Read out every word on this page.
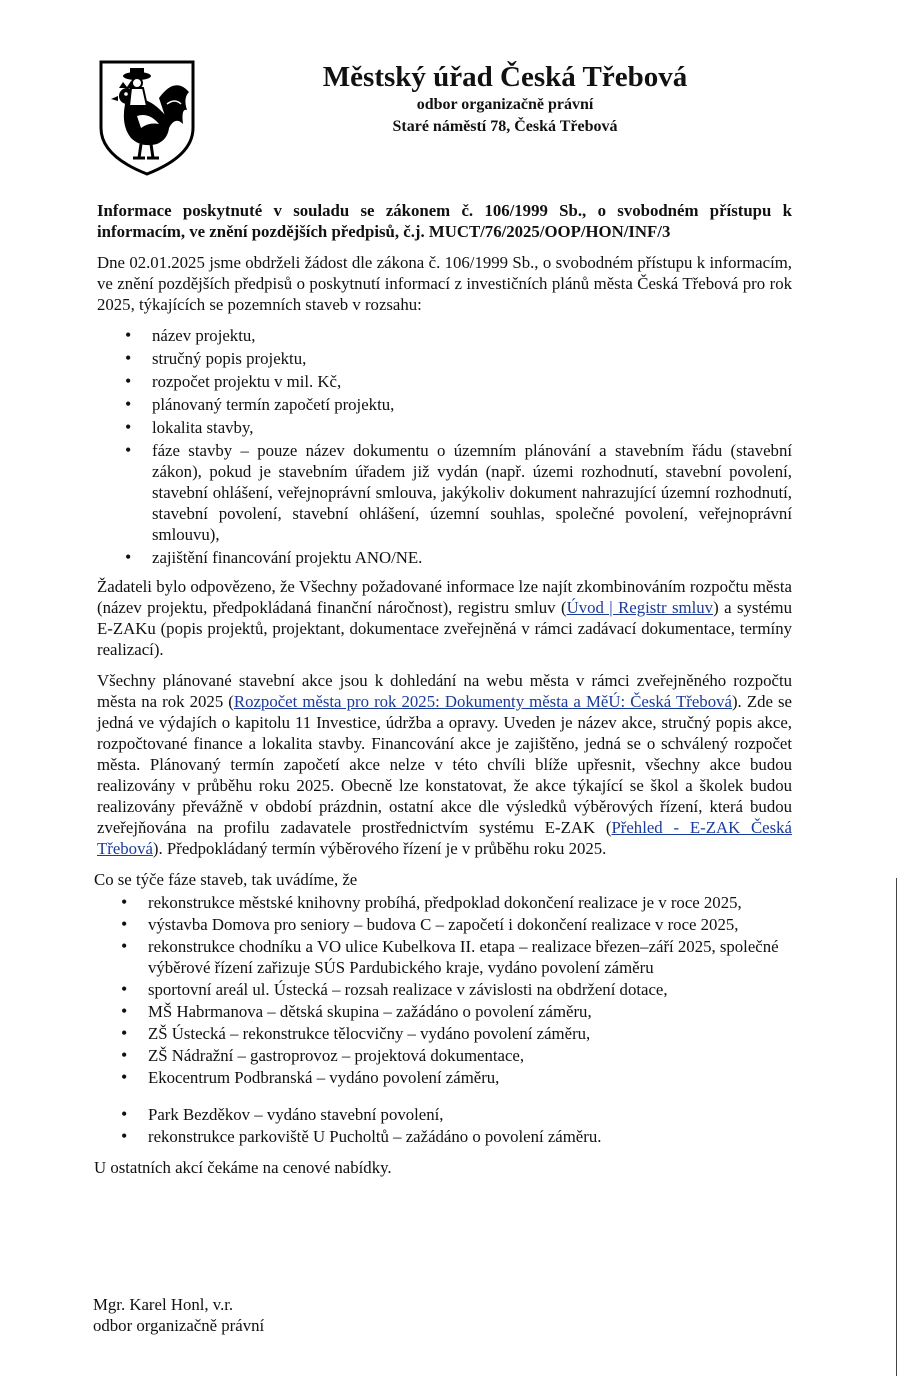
Městský úřad Česká Třebová
odbor organizačně právní
Staré náměstí 78, Česká Třebová

Informace poskytnuté v souladu se zákonem č. 106/1999 Sb., o svobodném přístupu k informacím, ve znění pozdějších předpisů, č.j. MUCT/76/2025/OOP/HON/INF/3

Dne 02.01.2025 jsme obdrželi žádost dle zákona č. 106/1999 Sb., o svobodném přístupu k informacím, ve znění pozdějších předpisů o poskytnutí informací z investičních plánů města Česká Třebová pro rok 2025, týkajících se pozemních staveb v rozsahu:

• název projektu,
• stručný popis projektu,
• rozpočet projektu v mil. Kč,
• plánovaný termín započetí projektu,
• lokalita stavby,
• fáze stavby – pouze název dokumentu o územním plánování a stavebním řádu (stavební zákon), pokud je stavebním úřadem již vydán (např. územi rozhodnutí, stavební povolení, stavební ohlášení, veřejnoprávní smlouva, jakýkoliv dokument nahrazující územní rozhodnutí, stavební povolení, stavební ohlášení, územní souhlas, společné povolení, veřejnoprávní smlouvu),
• zajištění financování projektu ANO/NE.

Žadateli bylo odpovězeno, že Všechny požadované informace lze najít zkombinováním rozpočtu města (název projektu, předpokládaná finanční náročnost), registru smluv (Úvod | Registr smluv) a systému E-ZAKu (popis projektů, projektant, dokumentace zveřejněná v rámci zadávací dokumentace, termíny realizací).

Všechny plánované stavební akce jsou k dohledání na webu města v rámci zveřejněného rozpočtu města na rok 2025 (Rozpočet města pro rok 2025: Dokumenty města a MěÚ: Česká Třebová). Zde se jedná ve výdajích o kapitolu 11 Investice, údržba a opravy. Uveden je název akce, stručný popis akce, rozpočtované finance a lokalita stavby. Financování akce je zajištěno, jedná se o schválený rozpočet města. Plánovaný termín započetí akce nelze v této chvíli blíže upřesnit, všechny akce budou realizovány v průběhu roku 2025. Obecně lze konstatovat, že akce týkající se škol a školek budou realizovány převážně v období prázdnin, ostatní akce dle výsledků výběrových řízení, která budou zveřejňována na profilu zadavatele prostřednictvím systému E-ZAK (Přehled - E-ZAK Česká Třebová). Předpokládaný termín výběrového řízení je v průběhu roku 2025.

Co se týče fáze staveb, tak uvádíme, že
• rekonstrukce městské knihovny probíhá, předpoklad dokončení realizace je v roce 2025,
• výstavba Domova pro seniory – budova C – započetí i dokončení realizace v roce 2025,
• rekonstrukce chodníku a VO ulice Kubelkova II. etapa – realizace březen–září 2025, společné výběrové řízení zařizuje SÚS Pardubického kraje, vydáno povolení záměru
• sportovní areál ul. Ústecká – rozsah realizace v závislosti na obdržení dotace,
• MŠ Habrmanova – dětská skupina – zažádáno o povolení záměru,
• ZŠ Ústecká – rekonstrukce tělocvičny – vydáno povolení záměru,
• ZŠ Nádražní – gastroprovoz – projektová dokumentace,
• Ekocentrum Podbranská – vydáno povolení záměru,
• Park Bezděkov – vydáno stavební povolení,
• rekonstrukce parkoviště U Pucholtů – zažádáno o povolení záměru.
U ostatních akcí čekáme na cenové nabídky.
Mgr. Karel Honl, v.r.
odbor organizačně právní
